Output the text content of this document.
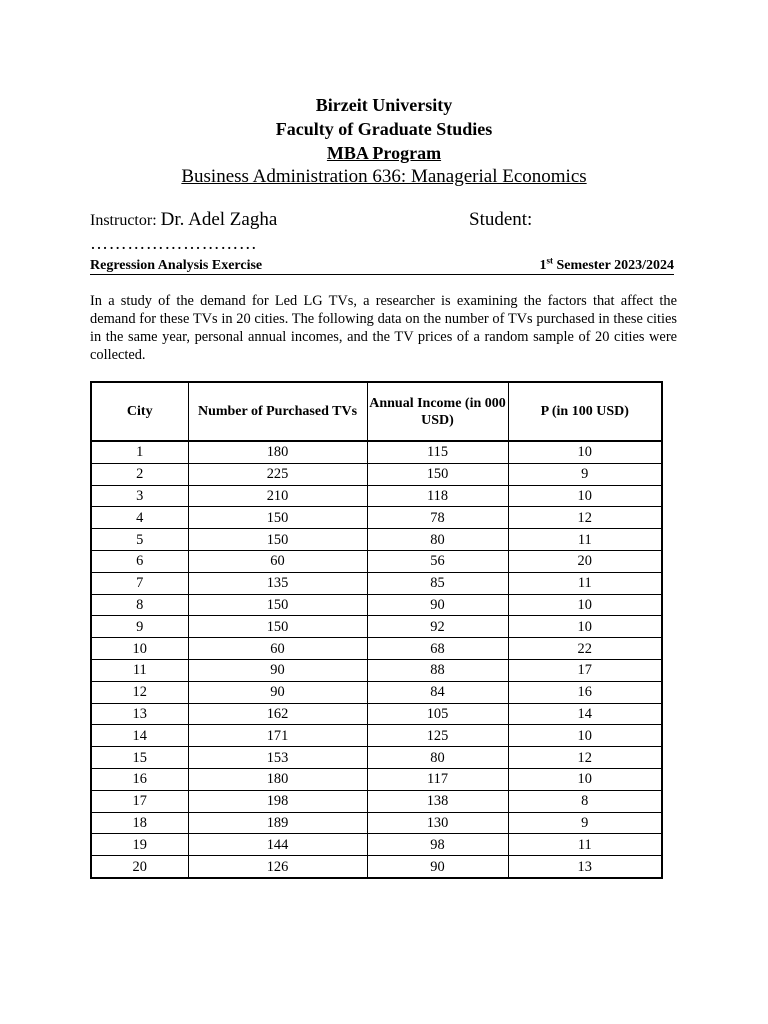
Birzeit University
Faculty of Graduate Studies
MBA Program
Business Administration 636: Managerial Economics
Instructor: Dr. Adel Zagha	Student:
………………………
Regression Analysis Exercise	1st Semester 2023/2024
In a study of the demand for Led LG TVs, a researcher is examining the factors that affect the demand for these TVs in 20 cities. The following data on the number of TVs purchased in these cities in the same year, personal annual incomes, and the TV prices of a random sample of 20 cities were collected.
City	Number of Purchased TVs	Annual Income (in 000 USD)	P (in 100 USD)
1	180	115	10
2	225	150	9
3	210	118	10
4	150	78	12
5	150	80	11
6	60	56	20
7	135	85	11
8	150	90	10
9	150	92	10
10	60	68	22
11	90	88	17
12	90	84	16
13	162	105	14
14	171	125	10
15	153	80	12
16	180	117	10
17	198	138	8
18	189	130	9
19	144	98	11
20	126	90	13
